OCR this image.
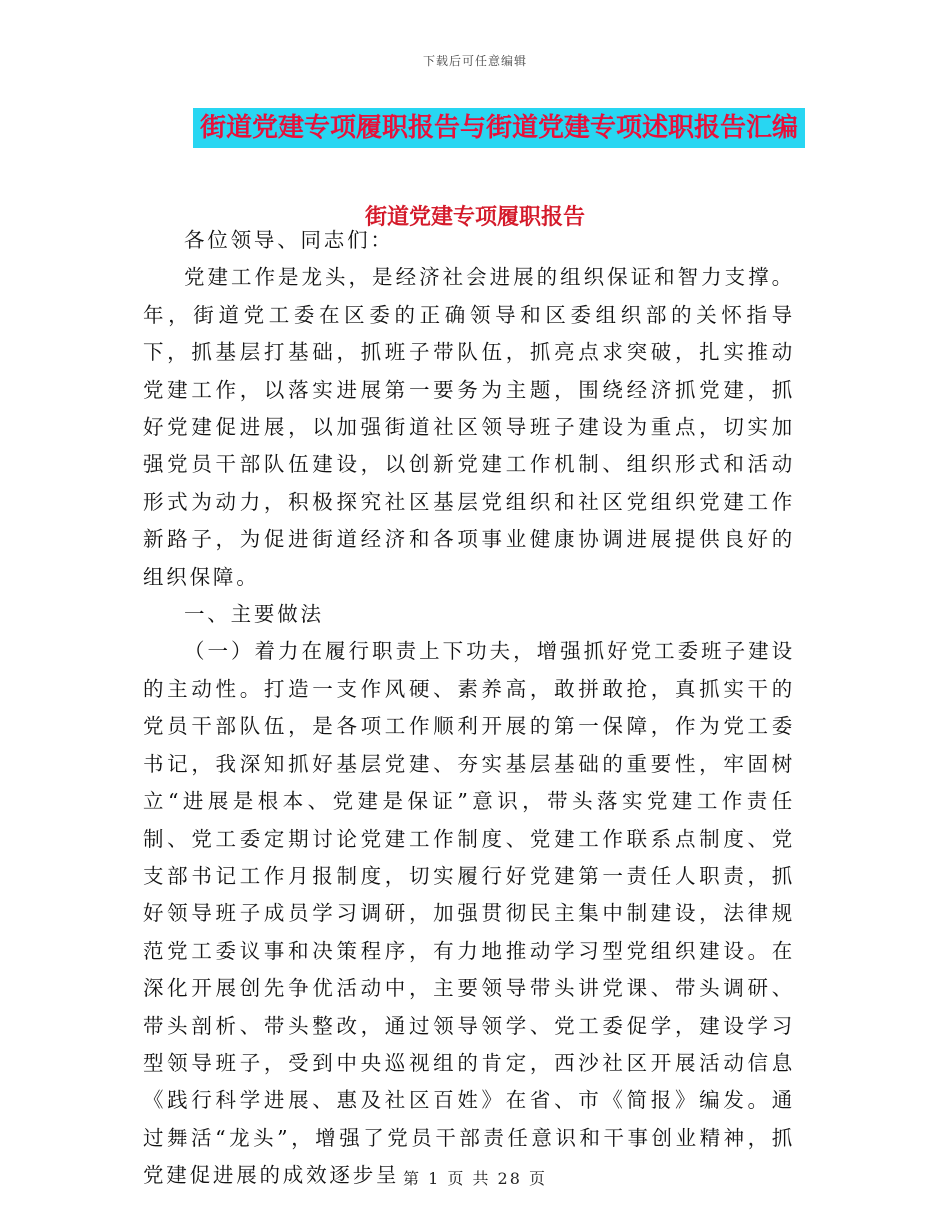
下载后可任意编辑
街道党建专项履职报告与街道党建专项述职报告汇编
街道党建专项履职报告

各位领导、同志们：

党建工作是龙头，是经济社会进展的组织保证和智力支撑。年，街道党工委在区委的正确领导和区委组织部的关怀指导下，抓基层打基础，抓班子带队伍，抓亮点求突破，扎实推动党建工作，以落实进展第一要务为主题，围绕经济抓党建，抓好党建促进展，以加强街道社区领导班子建设为重点，切实加强党员干部队伍建设，以创新党建工作机制、组织形式和活动形式为动力，积极探究社区基层党组织和社区党组织党建工作新路子，为促进街道经济和各项事业健康协调进展提供良好的组织保障。

一、主要做法

（一）着力在履行职责上下功夫，增强抓好党工委班子建设的主动性。打造一支作风硬、素养高，敢拼敢抢，真抓实干的党员干部队伍，是各项工作顺利开展的第一保障，作为党工委书记，我深知抓好基层党建、夯实基层基础的重要性，牢固树立“进展是根本、党建是保证”意识，带头落实党建工作责任制、党工委定期讨论党建工作制度、党建工作联系点制度、党支部书记工作月报制度，切实履行好党建第一责任人职责，抓好领导班子成员学习调研，加强贯彻民主集中制建设，法律规范党工委议事和决策程序，有力地推动学习型党组织建设。在深化开展创先争优活动中，主要领导带头讲党课、带头调研、带头剖析、带头整改，通过领导领学、党工委促学，建设学习型领导班子，受到中央巡视组的肯定，西沙社区开展活动信息《践行科学进展、惠及社区百姓》在省、市《简报》编发。通过舞活“龙头”，增强了党员干部责任意识和干事创业精神，抓党建促进展的成效逐步呈 第 1 页 共 28 页
